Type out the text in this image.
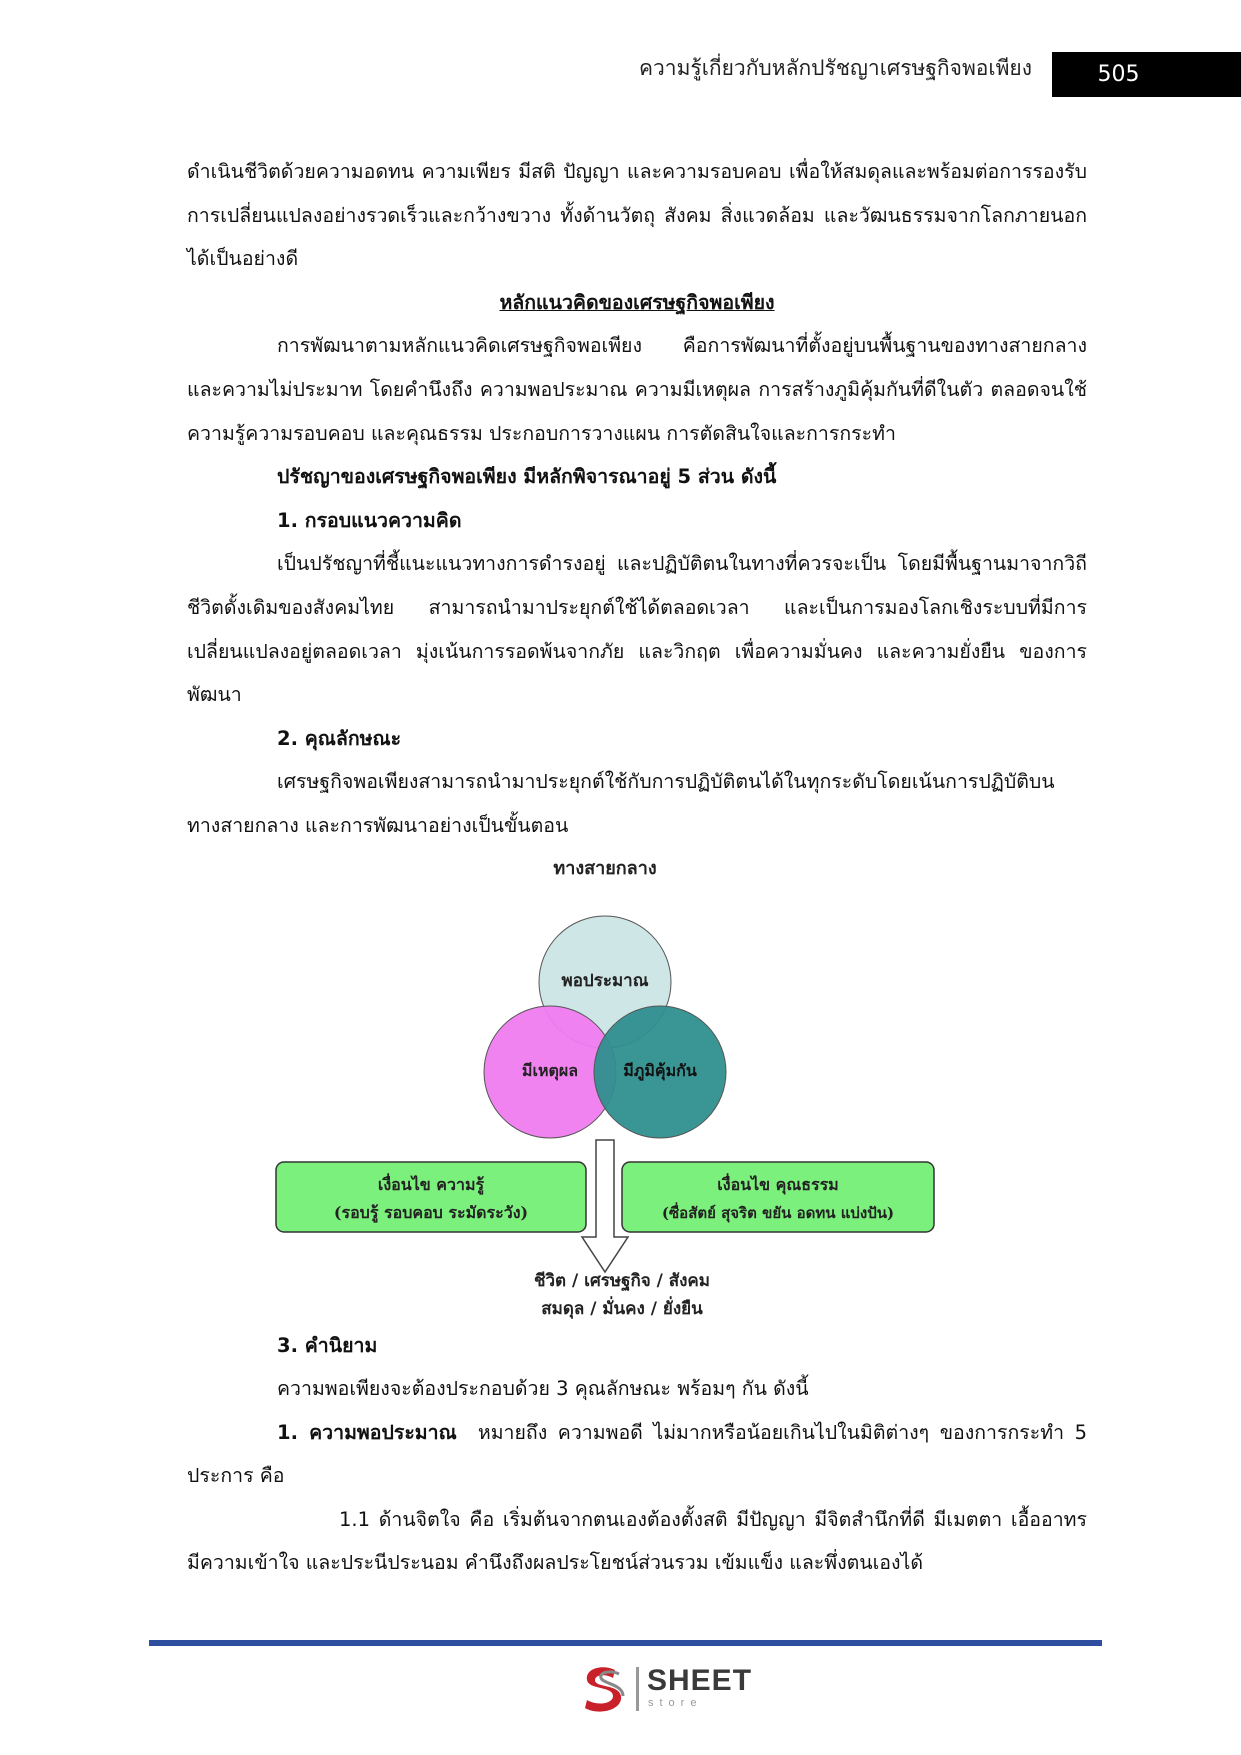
ความรู้เกี่ยวกับหลักปรัชญาเศรษฐกิจพอเพียง	505

ดำเนินชีวิตด้วยความอดทน ความเพียร มีสติ ปัญญา และความรอบคอบ เพื่อให้สมดุลและพร้อมต่อการรองรับการเปลี่ยนแปลงอย่างรวดเร็วและกว้างขวาง ทั้งด้านวัตถุ สังคม สิ่งแวดล้อม และวัฒนธรรมจากโลกภายนอกได้เป็นอย่างดี

หลักแนวคิดของเศรษฐกิจพอเพียง

การพัฒนาตามหลักแนวคิดเศรษฐกิจพอเพียง คือการพัฒนาที่ตั้งอยู่บนพื้นฐานของทางสายกลางและความไม่ประมาท โดยคำนึงถึง ความพอประมาณ ความมีเหตุผล การสร้างภูมิคุ้มกันที่ดีในตัว ตลอดจนใช้ความรู้ความรอบคอบ และคุณธรรม ประกอบการวางแผน การตัดสินใจและการกระทำ

ปรัชญาของเศรษฐกิจพอเพียง มีหลักพิจารณาอยู่ 5 ส่วน ดังนี้

1. กรอบแนวความคิด

เป็นปรัชญาที่ชี้แนะแนวทางการดำรงอยู่ และปฏิบัติตนในทางที่ควรจะเป็น โดยมีพื้นฐานมาจากวิถีชีวิตดั้งเดิมของสังคมไทย สามารถนำมาประยุกต์ใช้ได้ตลอดเวลา และเป็นการมองโลกเชิงระบบที่มีการเปลี่ยนแปลงอยู่ตลอดเวลา มุ่งเน้นการรอดพ้นจากภัย และวิกฤต เพื่อความมั่นคง และความยั่งยืน ของการพัฒนา

2. คุณลักษณะ

เศรษฐกิจพอเพียงสามารถนำมาประยุกต์ใช้กับการปฏิบัติตนได้ในทุกระดับโดยเน้นการปฏิบัติบนทางสายกลาง และการพัฒนาอย่างเป็นขั้นตอน

3. คำนิยาม

ความพอเพียงจะต้องประกอบด้วย 3 คุณลักษณะ พร้อมๆ กัน ดังนี้

1. ความพอประมาณ หมายถึง ความพอดี ไม่มากหรือน้อยเกินไปในมิติต่างๆ ของการกระทำ 5 ประการ คือ

1.1 ด้านจิตใจ คือ เริ่มต้นจากตนเองต้องตั้งสติ มีปัญญา มีจิตสำนึกที่ดี มีเมตตา เอื้ออาทร มีความเข้าใจ และประนีประนอม คำนึงถึงผลประโยชน์ส่วนรวม เข้มแข็ง และพึ่งตนเองได้

ทางสายกลาง
พอประมาณ
มีเหตุผล	มีภูมิคุ้มกัน
เงื่อนไข ความรู้
(รอบรู้ รอบคอบ ระมัดระวัง)
เงื่อนไข คุณธรรม
(ซื่อสัตย์ สุจริต ขยัน อดทน แบ่งปัน)
ชีวิต / เศรษฐกิจ / สังคม
สมดุล / มั่นคง / ยั่งยืน
SHEET
store
